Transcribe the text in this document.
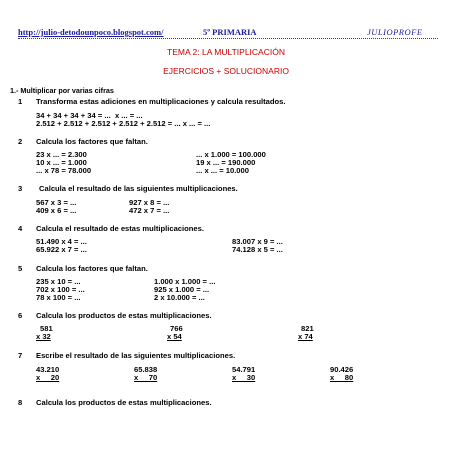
http://julio-detodounpoco.blogspot.com/	5º PRIMARIA	JULIOPROFE
TEMA 2: LA MULTIPLICACIÓN
EJERCICIOS + SOLUCIONARIO
1.- Multiplicar por varias cifras
1 Transforma estas adiciones en multiplicaciones y calcula resultados.
34 + 34 + 34 + 34 = ...  x ... = ...
2.512 + 2.512 + 2.512 + 2.512 + 2.512 = ... x ... = ...
2 Calcula los factores que faltan.
23 x ... = 2.300
10 x ... = 1.000
... x 78 = 78.000
... x 1.000 = 100.000
19 x ... = 190.000
... x ... = 10.000
3 Calcula el resultado de las siguientes multiplicaciones.
567 x 3 = ...
409 x 6 = ...
927 x 8 = ...
472 x 7 = ...
4 Calcula el resultado de estas multiplicaciones.
51.490 x 4 = ...
65.922 x 7 = ...
83.007 x 9 = ...
74.128 x 5 = ...
5 Calcula los factores que faltan.
235 x 10 = ...
702 x 100 = ...
78 x 100 = ...
1.000 x 1.000 = ...
925 x 1.000 = ...
2 x 10.000 = ...
6 Calcula los productos de estas multiplicaciones.
581
x 32
766
x 54
821
x 74
7 Escribe el resultado de las siguientes multiplicaciones.
43.210
x     20
65.838
x     70
54.791
x     30
90.426
x     80
8 Calcula los productos de estas multiplicaciones.
